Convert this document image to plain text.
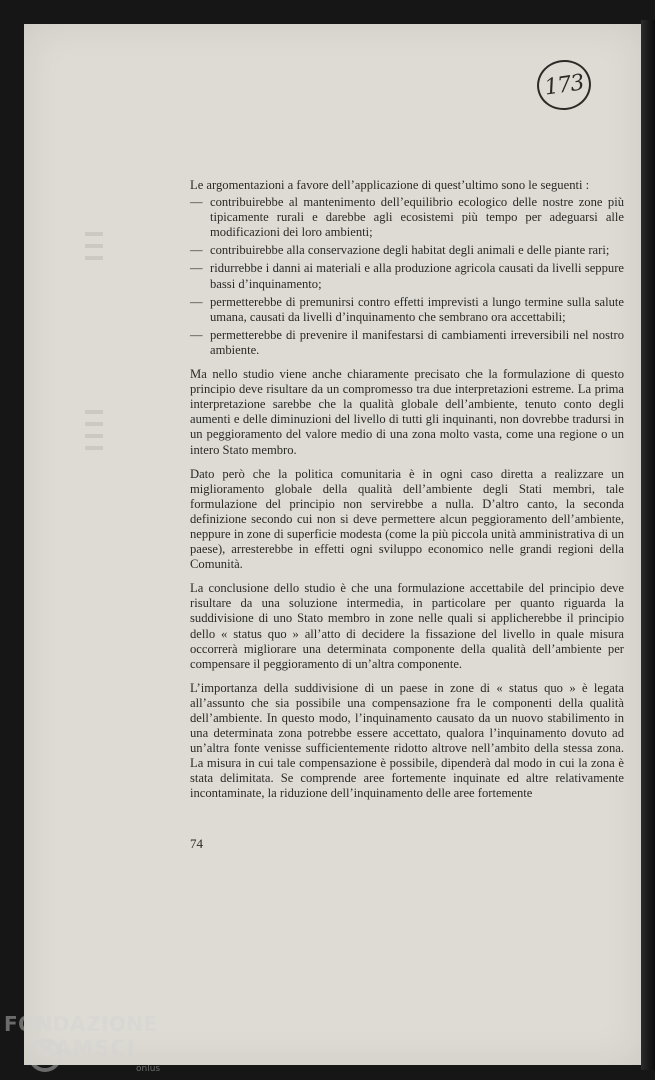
173

Le argomentazioni a favore dell’applicazione di quest’ultimo sono le seguenti :

— contribuirebbe al mantenimento dell’equilibrio ecologico delle nostre zone più tipicamente rurali e darebbe agli ecosistemi più tempo per adeguarsi alle modificazioni dei loro ambienti;
— contribuirebbe alla conservazione degli habitat degli animali e delle piante rari;
— ridurrebbe i danni ai materiali e alla produzione agricola causati da livelli seppure bassi d’inquinamento;
— permetterebbe di premunirsi contro effetti imprevisti a lungo termine sulla salute umana, causati da livelli d’inquinamento che sembrano ora accettabili;
— permetterebbe di prevenire il manifestarsi di cambiamenti irreversibili nel nostro ambiente.

Ma nello studio viene anche chiaramente precisato che la formulazione di questo principio deve risultare da un compromesso tra due interpretazioni estreme. La prima interpretazione sarebbe che la qualità globale dell’ambiente, tenuto conto degli aumenti e delle diminuzioni del livello di tutti gli inquinanti, non dovrebbe tradursi in un peggioramento del valore medio di una zona molto vasta, come una regione o un intero Stato membro.

Dato però che la politica comunitaria è in ogni caso diretta a realizzare un miglioramento globale della qualità dell’ambiente degli Stati membri, tale formulazione del principio non servirebbe a nulla. D’altro canto, la seconda definizione secondo cui non si deve permettere alcun peggioramento dell’ambiente, neppure in zone di superficie modesta (come la più piccola unità amministrativa di un paese), arresterebbe in effetti ogni sviluppo economico nelle grandi regioni della Comunità.

La conclusione dello studio è che una formulazione accettabile del principio deve risultare da una soluzione intermedia, in particolare per quanto riguarda la suddivisione di uno Stato membro in zone nelle quali si applicherebbe il principio dello « status quo » all’atto di decidere la fissazione del livello in quale misura occorrerà migliorare una determinata componente della qualità dell’ambiente per compensare il peggioramento di un’altra componente.

L’importanza della suddivisione di un paese in zone di « status quo » è legata all’assunto che sia possibile una compensazione fra le componenti della qualità dell’ambiente. In questo modo, l’inquinamento causato da un nuovo stabilimento in una determinata zona potrebbe essere accettato, qualora l’inquinamento dovuto ad un’altra fonte venisse sufficientemente ridotto altrove nell’ambito della stessa zona. La misura in cui tale compensazione è possibile, dipenderà dal modo in cui la zona è stata delimitata. Se comprende aree fortemente inquinate ed altre relativamente incontaminate, la riduzione dell’inquinamento delle aree fortemente

74
FONDAZIONE
RAMSCI
onlus
